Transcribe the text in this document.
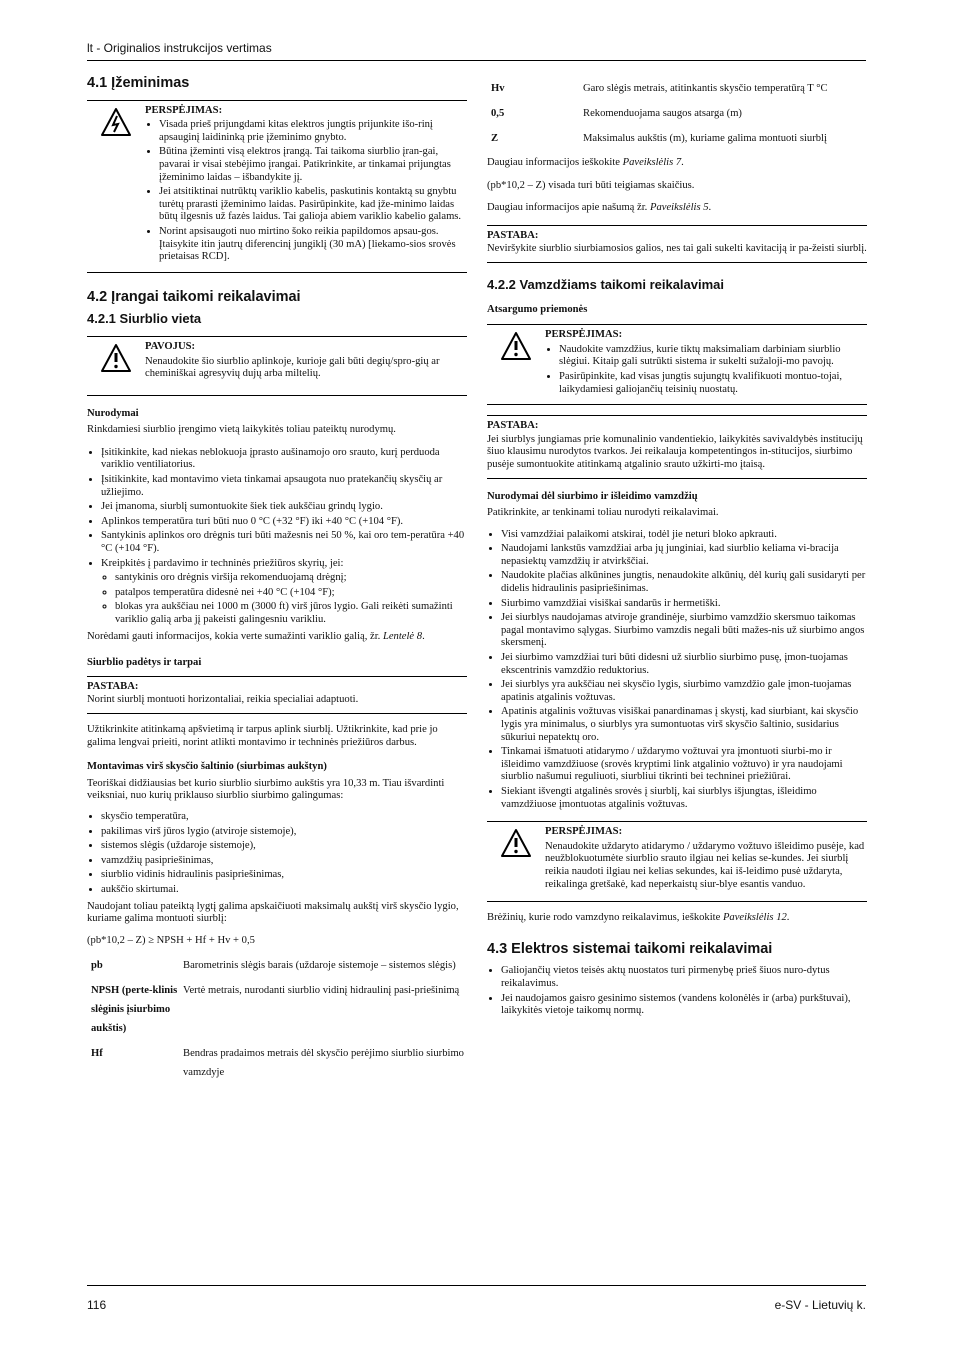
lt - Originalios instrukcijos vertimas
4.1 Įžeminimas
PERSPĖJIMAS:
• Visada prieš prijungdami kitas elektros jungtis prijunkite išo-rinį apsauginį laidininką prie įžeminimo gnybto.
• Būtina įžeminti visą elektros įrangą. Tai taikoma siurblio įran-gai, pavarai ir visai stebėjimo įrangai. Patikrinkite, ar tinkamai prijungtas įžeminimo laidas – išbandykite jį.
• Jei atsitiktinai nutrūktų variklio kabelis, paskutinis kontaktą su gnybtu turėtų prarasti įžeminimo laidas. Pasirūpinkite, kad įže-minimo laidas būtų ilgesnis už fazės laidus. Tai galioja abiem variklio kabelio galams.
• Norint apsisaugoti nuo mirtino šoko reikia papildomos apsau-gos. Įtaisykite itin jautrų diferencinį jungiklį (30 mA) [liekamo-sios srovės prietaisas RCD].
4.2 Įrangai taikomi reikalavimai
4.2.1 Siurblio vieta
PAVOJUS:
Nenaudokite šio siurblio aplinkoje, kurioje gali būti degių/spro-gių ar cheminiškai agresyvių dujų arba miltelių.
Nurodymai

Rinkdamiesi siurblio įrengimo vietą laikykitės toliau pateiktų nurodymų.

• Įsitikinkite, kad niekas neblokuoja įprasto aušinamojo oro srauto, kurį perduoda variklio ventiliatorius.
• Įsitikinkite, kad montavimo vieta tinkamai apsaugota nuo pratekančių skysčių ar užliejimo.
• Jei įmanoma, siurblį sumontuokite šiek tiek aukščiau grindų lygio.
• Aplinkos temperatūra turi būti nuo 0 °C (+32 °F) iki +40 °C (+104 °F).
• Santykinis aplinkos oro drėgnis turi būti mažesnis nei 50 %, kai oro tem-peratūra +40 °C (+104 °F).
• Kreipkitės į pardavimo ir techninės priežiūros skyrių, jei:
◦ santykinis oro drėgnis viršija rekomenduojamą drėgnį;
◦ patalpos temperatūra didesnė nei +40 °C (+104 °F);
◦ blokas yra aukščiau nei 1000 m (3000 ft) virš jūros lygio. Gali reikėti sumažinti variklio galią arba jį pakeisti galingesniu varikliu.

Norėdami gauti informacijos, kokia verte sumažinti variklio galią, žr. Lentelė 8.

Siurblio padėtys ir tarpai
PASTABA:
Norint siurblį montuoti horizontaliai, reikia specialiai adaptuoti.

Užtikrinkite atitinkamą apšvietimą ir tarpus aplink siurblį. Užtikrinkite, kad prie jo galima lengvai prieiti, norint atlikti montavimo ir techninės priežiūros darbus.

Montavimas virš skysčio šaltinio (siurbimas aukštyn)

Teoriškai didžiausias bet kurio siurblio siurbimo aukštis yra 10,33 m. Tiau išvardinti veiksniai, nuo kurių priklauso siurblio siurbimo galingumas:

• skysčio temperatūra,
• pakilimas virš jūros lygio (atviroje sistemoje),
• sistemos slėgis (uždaroje sistemoje),
• vamzdžių pasipriešinimas,
• siurblio vidinis hidraulinis pasipriešinimas,
• aukščio skirtumai.

Naudojant toliau pateiktą lygtį galima apskaičiuoti maksimalų aukštį virš skysčio lygio, kuriame galima montuoti siurblį:

(pb*10,2 – Z) ≥ NPSH + Hf + Hv + 0,5

pb	Barometrinis slėgis barais (uždaroje sistemoje – sistemos slėgis)
NPSH (perte-klinis slėginis įsiurbimo aukštis)	Vertė metrais, nurodanti siurblio vidinį hidraulinį pasi-priešinimą
Hf	Bendras pradaimos metrais dėl skysčio perėjimo siurblio siurbimo vamzdyje
Hv	Garo slėgis metrais, atitinkantis skysčio temperatūrą T °C
0,5	Rekomenduojama saugos atsarga (m)
Z	Maksimalus aukštis (m), kuriame galima montuoti siurblį

Daugiau informacijos ieškokite Paveikslėlis 7.

(pb*10,2 – Z) visada turi būti teigiamas skaičius.

Daugiau informacijos apie našumą žr. Paveikslėlis 5.

PASTABA:
Neviršykite siurblio siurbiamosios galios, nes tai gali sukelti kavitaciją ir pa-žeisti siurblį.
4.2.2 Vamzdžiams taikomi reikalavimai
Atsargumo priemonės
PERSPĖJIMAS:
• Naudokite vamzdžius, kurie tiktų maksimaliam darbiniam siurblio slėgiui. Kitaip gali sutrūkti sistema ir sukelti sužaloji-mo pavojų.
• Pasirūpinkite, kad visas jungtis sujungtų kvalifikuoti montuo-tojai, laikydamiesi galiojančių teisinių nuostatų.
PASTABA:
Jei siurblys jungiamas prie komunalinio vandentiekio, laikykitės savivaldybės institucijų šiuo klausimu nurodytos tvarkos. Jei reikalauja kompetentingos in-stitucijos, siurbimo pusėje sumontuokite atitinkamą atgalinio srauto užkirti-mo įtaisą.
Nurodymai dėl siurbimo ir išleidimo vamzdžių

Patikrinkite, ar tenkinami toliau nurodyti reikalavimai.

• Visi vamzdžiai palaikomi atskirai, todėl jie neturi bloko apkrauti.
• Naudojami lankstūs vamzdžiai arba jų junginiai, kad siurblio keliama vi-bracija nepasiektų vamzdžių ir atvirkščiai.
• Naudokite plačias alkūnines jungtis, nenaudokite alkūnių, dėl kurių gali susidaryti per didelis hidraulinis pasipriešinimas.
• Siurbimo vamzdžiai visiškai sandarūs ir hermetiški.
• Jei siurblys naudojamas atviroje grandinėje, siurbimo vamzdžio skersmuo taikomas pagal montavimo sąlygas. Siurbimo vamzdis negali būti mažes-nis už siurbimo angos skersmenį.
• Jei siurbimo vamzdžiai turi būti didesni už siurblio siurbimo pusę, įmon-tuojamas ekscentrinis vamzdžio reduktorius.
• Jei siurblys yra aukščiau nei skysčio lygis, siurbimo vamzdžio gale įmon-tuojamas apatinis atgalinis vožtuvas.
• Apatinis atgalinis vožtuvas visiškai panardinamas į skystį, kad siurbiant, kai skysčio lygis yra minimalus, o siurblys yra sumontuotas virš skysčio šaltinio, susidarius sūkuriui nepatektų oro.
• Tinkamai išmatuoti atidarymo / uždarymo vožtuvai yra įmontuoti siurbi-mo ir išleidimo vamzdžiuose (srovės kryptimi link atgalinio vožtuvo) ir yra naudojami siurblio našumui reguliuoti, siurbliui tikrinti bei techninei priežiūrai.
• Siekiant išvengti atgalinės srovės į siurblį, kai siurblys išjungtas, išleidimo vamzdžiuose įmontuotas atgalinis vožtuvas.
PERSPĖJIMAS:
Nenaudokite uždaryto atidarymo / uždarymo vožtuvo išleidimo pusėje, kad neužblokuotumėte siurblio srauto ilgiau nei kelias se-kundes. Jei siurblį reikia naudoti ilgiau nei kelias sekundes, kai iš-leidimo pusė uždaryta, reikalinga gretšakė, kad neperkaistų siur-blye esantis vanduo.

Brėžinių, kurie rodo vamzdyno reikalavimus, ieškokite Paveikslėlis 12.

4.3 Elektros sistemai taikomi reikalavimai
• Galiojančių vietos teisės aktų nuostatos turi pirmenybę prieš šiuos nuro-dytus reikalavimus.
• Jei naudojamos gaisro gesinimo sistemos (vandens kolonėlės ir (arba) purkštuvai), laikykitės vietoje taikomų normų.
116	e-SV - Lietuvių k.
